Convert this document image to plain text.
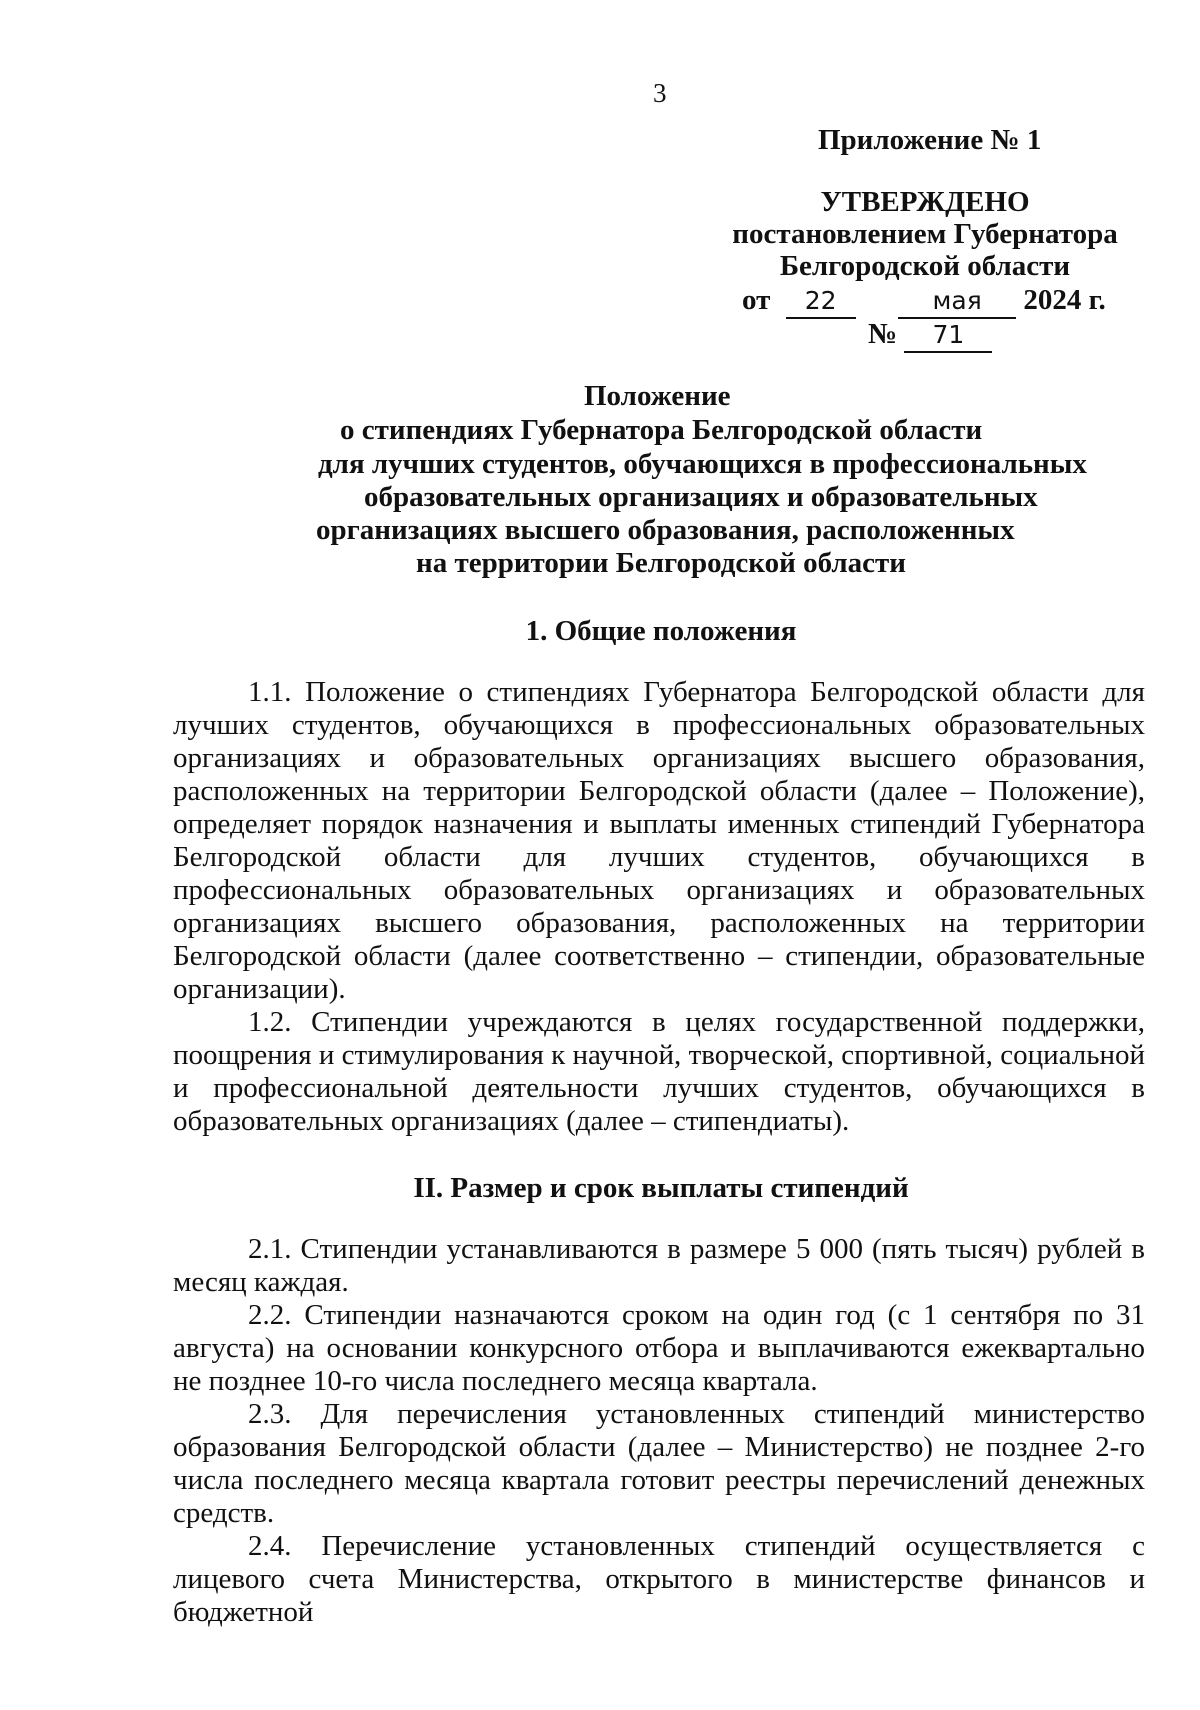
3
Приложение № 1
УТВЕРЖДЕНО
постановлением Губернатора
Белгородской области
от 22	мая 2024 г.
№ 71
Положение
о стипендиях Губернатора Белгородской области
для лучших студентов, обучающихся в профессиональных
образовательных организациях и образовательных
организациях высшего образования, расположенных
на территории Белгородской области
1. Общие положения

1.1. Положение о стипендиях Губернатора Белгородской области для лучших студентов, обучающихся в профессиональных образовательных организациях и образовательных организациях высшего образования, расположенных на территории Белгородской области (далее – Положение), определяет порядок назначения и выплаты именных стипендий Губернатора Белгородской области для лучших студентов, обучающихся в профессиональных образовательных организациях и образовательных организациях высшего образования, расположенных на территории Белгородской области (далее соответственно – стипендии, образовательные организации).

1.2. Стипендии учреждаются в целях государственной поддержки, поощрения и стимулирования к научной, творческой, спортивной, социальной и профессиональной деятельности лучших студентов, обучающихся в образовательных организациях (далее – стипендиаты).

II. Размер и срок выплаты стипендий

2.1. Стипендии устанавливаются в размере 5 000 (пять тысяч) рублей в месяц каждая.

2.2. Стипендии назначаются сроком на один год (с 1 сентября по 31 августа) на основании конкурсного отбора и выплачиваются ежеквартально не позднее 10-го числа последнего месяца квартала.

2.3. Для перечисления установленных стипендий министерство образования Белгородской области (далее – Министерство) не позднее 2-го числа последнего месяца квартала готовит реестры перечислений денежных средств.

2.4. Перечисление установленных стипендий осуществляется с лицевого счета Министерства, открытого в министерстве финансов и бюджетной
